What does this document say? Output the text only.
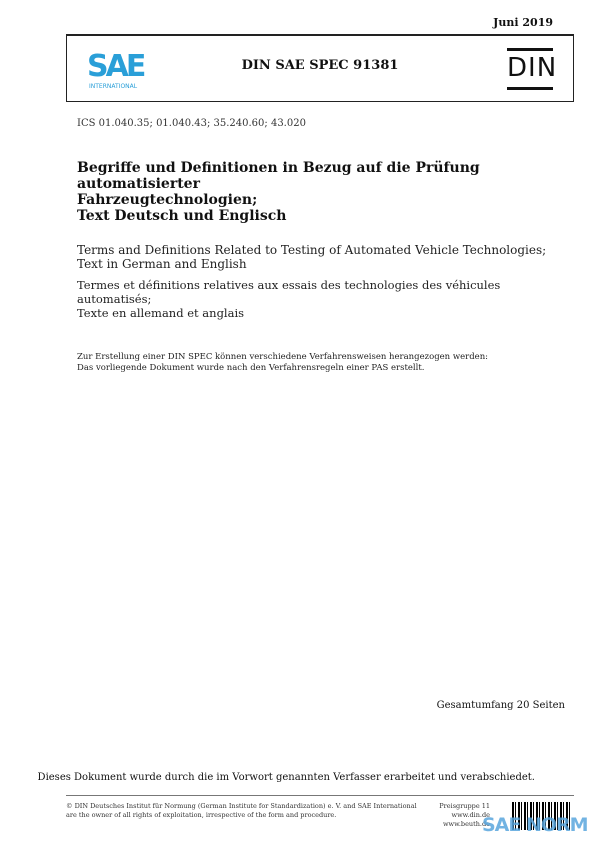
Juni 2019
SAE
INTERNATIONAL
DIN SAE SPEC 91381	DIN
ICS 01.040.35; 01.040.43; 35.240.60; 43.020
Begriffe und Definitionen in Bezug auf die Prüfung automatisierter
Fahrzeugtechnologien;
Text Deutsch und Englisch
Terms and Definitions Related to Testing of Automated Vehicle Technologies;
Text in German and English
Termes et définitions relatives aux essais des technologies des véhicules automatisés;
Texte en allemand et anglais
Zur Erstellung einer DIN SPEC können verschiedene Verfahrensweisen herangezogen werden:
Das vorliegende Dokument wurde nach den Verfahrensregeln einer PAS erstellt.
Gesamtumfang 20 Seiten
Dieses Dokument wurde durch die im Vorwort genannten Verfasser erarbeitet und verabschiedet.
© DIN Deutsches Institut für Normung (German Institute for Standardization) e. V. and SAE International
are the owner of all rights of exploitation, irrespective of the form and procedure.
Preisgruppe 11
www.din.de
www.beuth.de
SAE NORM
